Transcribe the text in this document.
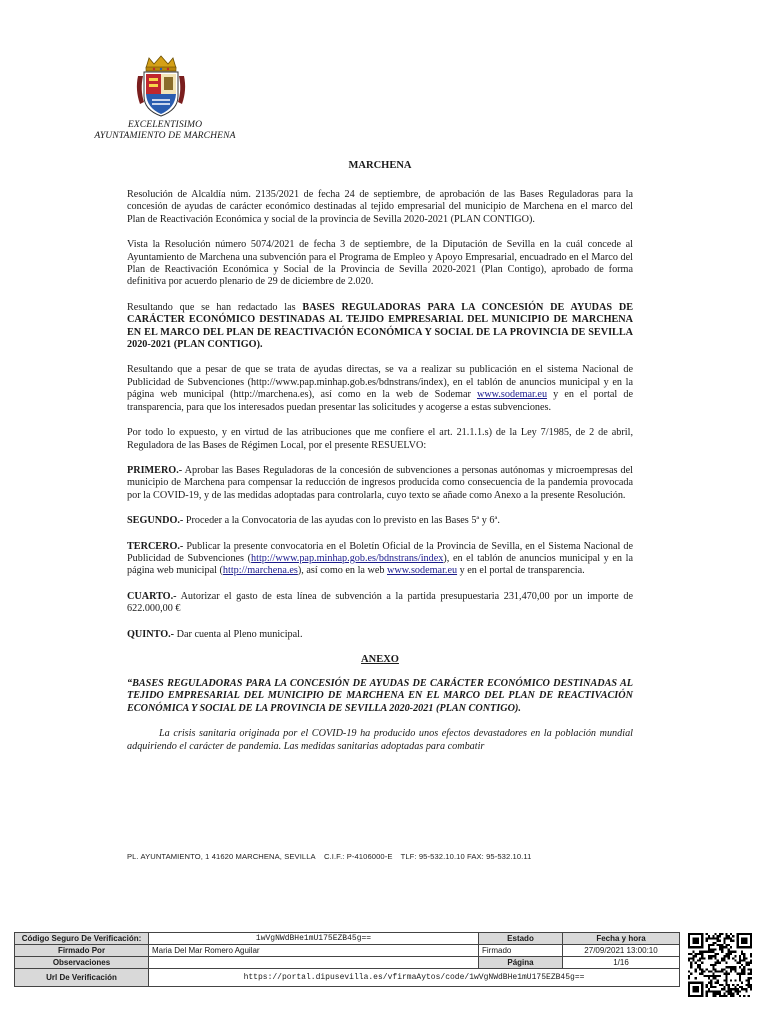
EXCELENTISIMO
AYUNTAMIENTO DE MARCHENA
MARCHENA

Resolución de Alcaldía núm. 2135/2021 de fecha 24 de septiembre, de aprobación de las Bases Reguladoras para la concesión de ayudas de carácter económico destinadas al tejido empresarial del municipio de Marchena en el marco del Plan de Reactivación Económica y social de la provincia de Sevilla 2020-2021 (PLAN CONTIGO).

Vista la Resolución número 5074/2021 de fecha 3 de septiembre, de la Diputación de Sevilla en la cuál concede al Ayuntamiento de Marchena una subvención para el Programa de Empleo y Apoyo Empresarial, encuadrado en el Marco del Plan de Reactivación Económica y Social de la Provincia de Sevilla 2020-2021 (Plan Contigo), aprobado de forma definitiva por acuerdo plenario de 29 de diciembre de 2.020.

Resultando que se han redactado las BASES REGULADORAS PARA LA CONCESIÓN DE AYUDAS DE CARÁCTER ECONÓMICO DESTINADAS AL TEJIDO EMPRESARIAL DEL MUNICIPIO DE MARCHENA EN EL MARCO DEL PLAN DE REACTIVACIÓN ECONÓMICA Y SOCIAL DE LA PROVINCIA DE SEVILLA 2020-2021 (PLAN CONTIGO).

Resultando que a pesar de que se trata de ayudas directas, se va a realizar su publicación en el sistema Nacional de Publicidad de Subvenciones (http://www.pap.minhap.gob.es/bdnstrans/index), en el tablón de anuncios municipal y en la página web municipal (http://marchena.es), así como en la web de Sodemar www.sodemar.eu y en el portal de transparencia, para que los interesados puedan presentar las solicitudes y acogerse a estas subvenciones.

Por todo lo expuesto, y en virtud de las atribuciones que me confiere el art. 21.1.1.s) de la Ley 7/1985, de 2 de abril, Reguladora de las Bases de Régimen Local, por el presente RESUELVO:

PRIMERO.- Aprobar las Bases Reguladoras de la concesión de subvenciones a personas autónomas y microempresas del municipio de Marchena para compensar la reducción de ingresos producida como consecuencia de la pandemia provocada por la COVID-19, y de las medidas adoptadas para controlarla, cuyo texto se añade como Anexo a la presente Resolución.

SEGUNDO.- Proceder a la Convocatoria de las ayudas con lo previsto en las Bases 5ª y 6ª.

TERCERO.- Publicar la presente convocatoria en el Boletín Oficial de la Provincia de Sevilla, en el Sistema Nacional de Publicidad de Subvenciones (http://www.pap.minhap.gob.es/bdnstrans/index), en el tablón de anuncios municipal y en la página web municipal (http://marchena.es), así como en la web www.sodemar.eu y en el portal de transparencia.

CUARTO.- Autorizar el gasto de esta línea de subvención a la partida presupuestaria 231,470,00 por un importe de 622.000,00 €

QUINTO.- Dar cuenta al Pleno municipal.

ANEXO

“BASES REGULADORAS PARA LA CONCESIÓN DE AYUDAS DE CARÁCTER ECONÓMICO DESTINADAS AL TEJIDO EMPRESARIAL DEL MUNICIPIO DE MARCHENA EN EL MARCO DEL PLAN DE REACTIVACIÓN ECONÓMICA Y SOCIAL DE LA PROVINCIA DE SEVILLA 2020-2021 (PLAN CONTIGO).

La crisis sanitaria originada por el COVID-19 ha producido unos efectos devastadores en la población mundial adquiriendo el carácter de pandemia. Las medidas sanitarias adoptadas para combatir

PL. AYUNTAMIENTO, 1 41620 MARCHENA, SEVILLA C.I.F.: P-4106000-E TLF: 95-532.10.10 FAX: 95-532.10.11
Código Seguro De Verificación:	1wVgNWdBHe1mU175EZB45g==	Estado	Fecha y hora
Firmado Por	Maria Del Mar Romero Aguilar	Firmado	27/09/2021 13:00:10
Observaciones		Página	1/16
Url De Verificación	https://portal.dipusevilla.es/vfirmaAytos/code/1wVgNWdBHe1mU175EZB45g==		
